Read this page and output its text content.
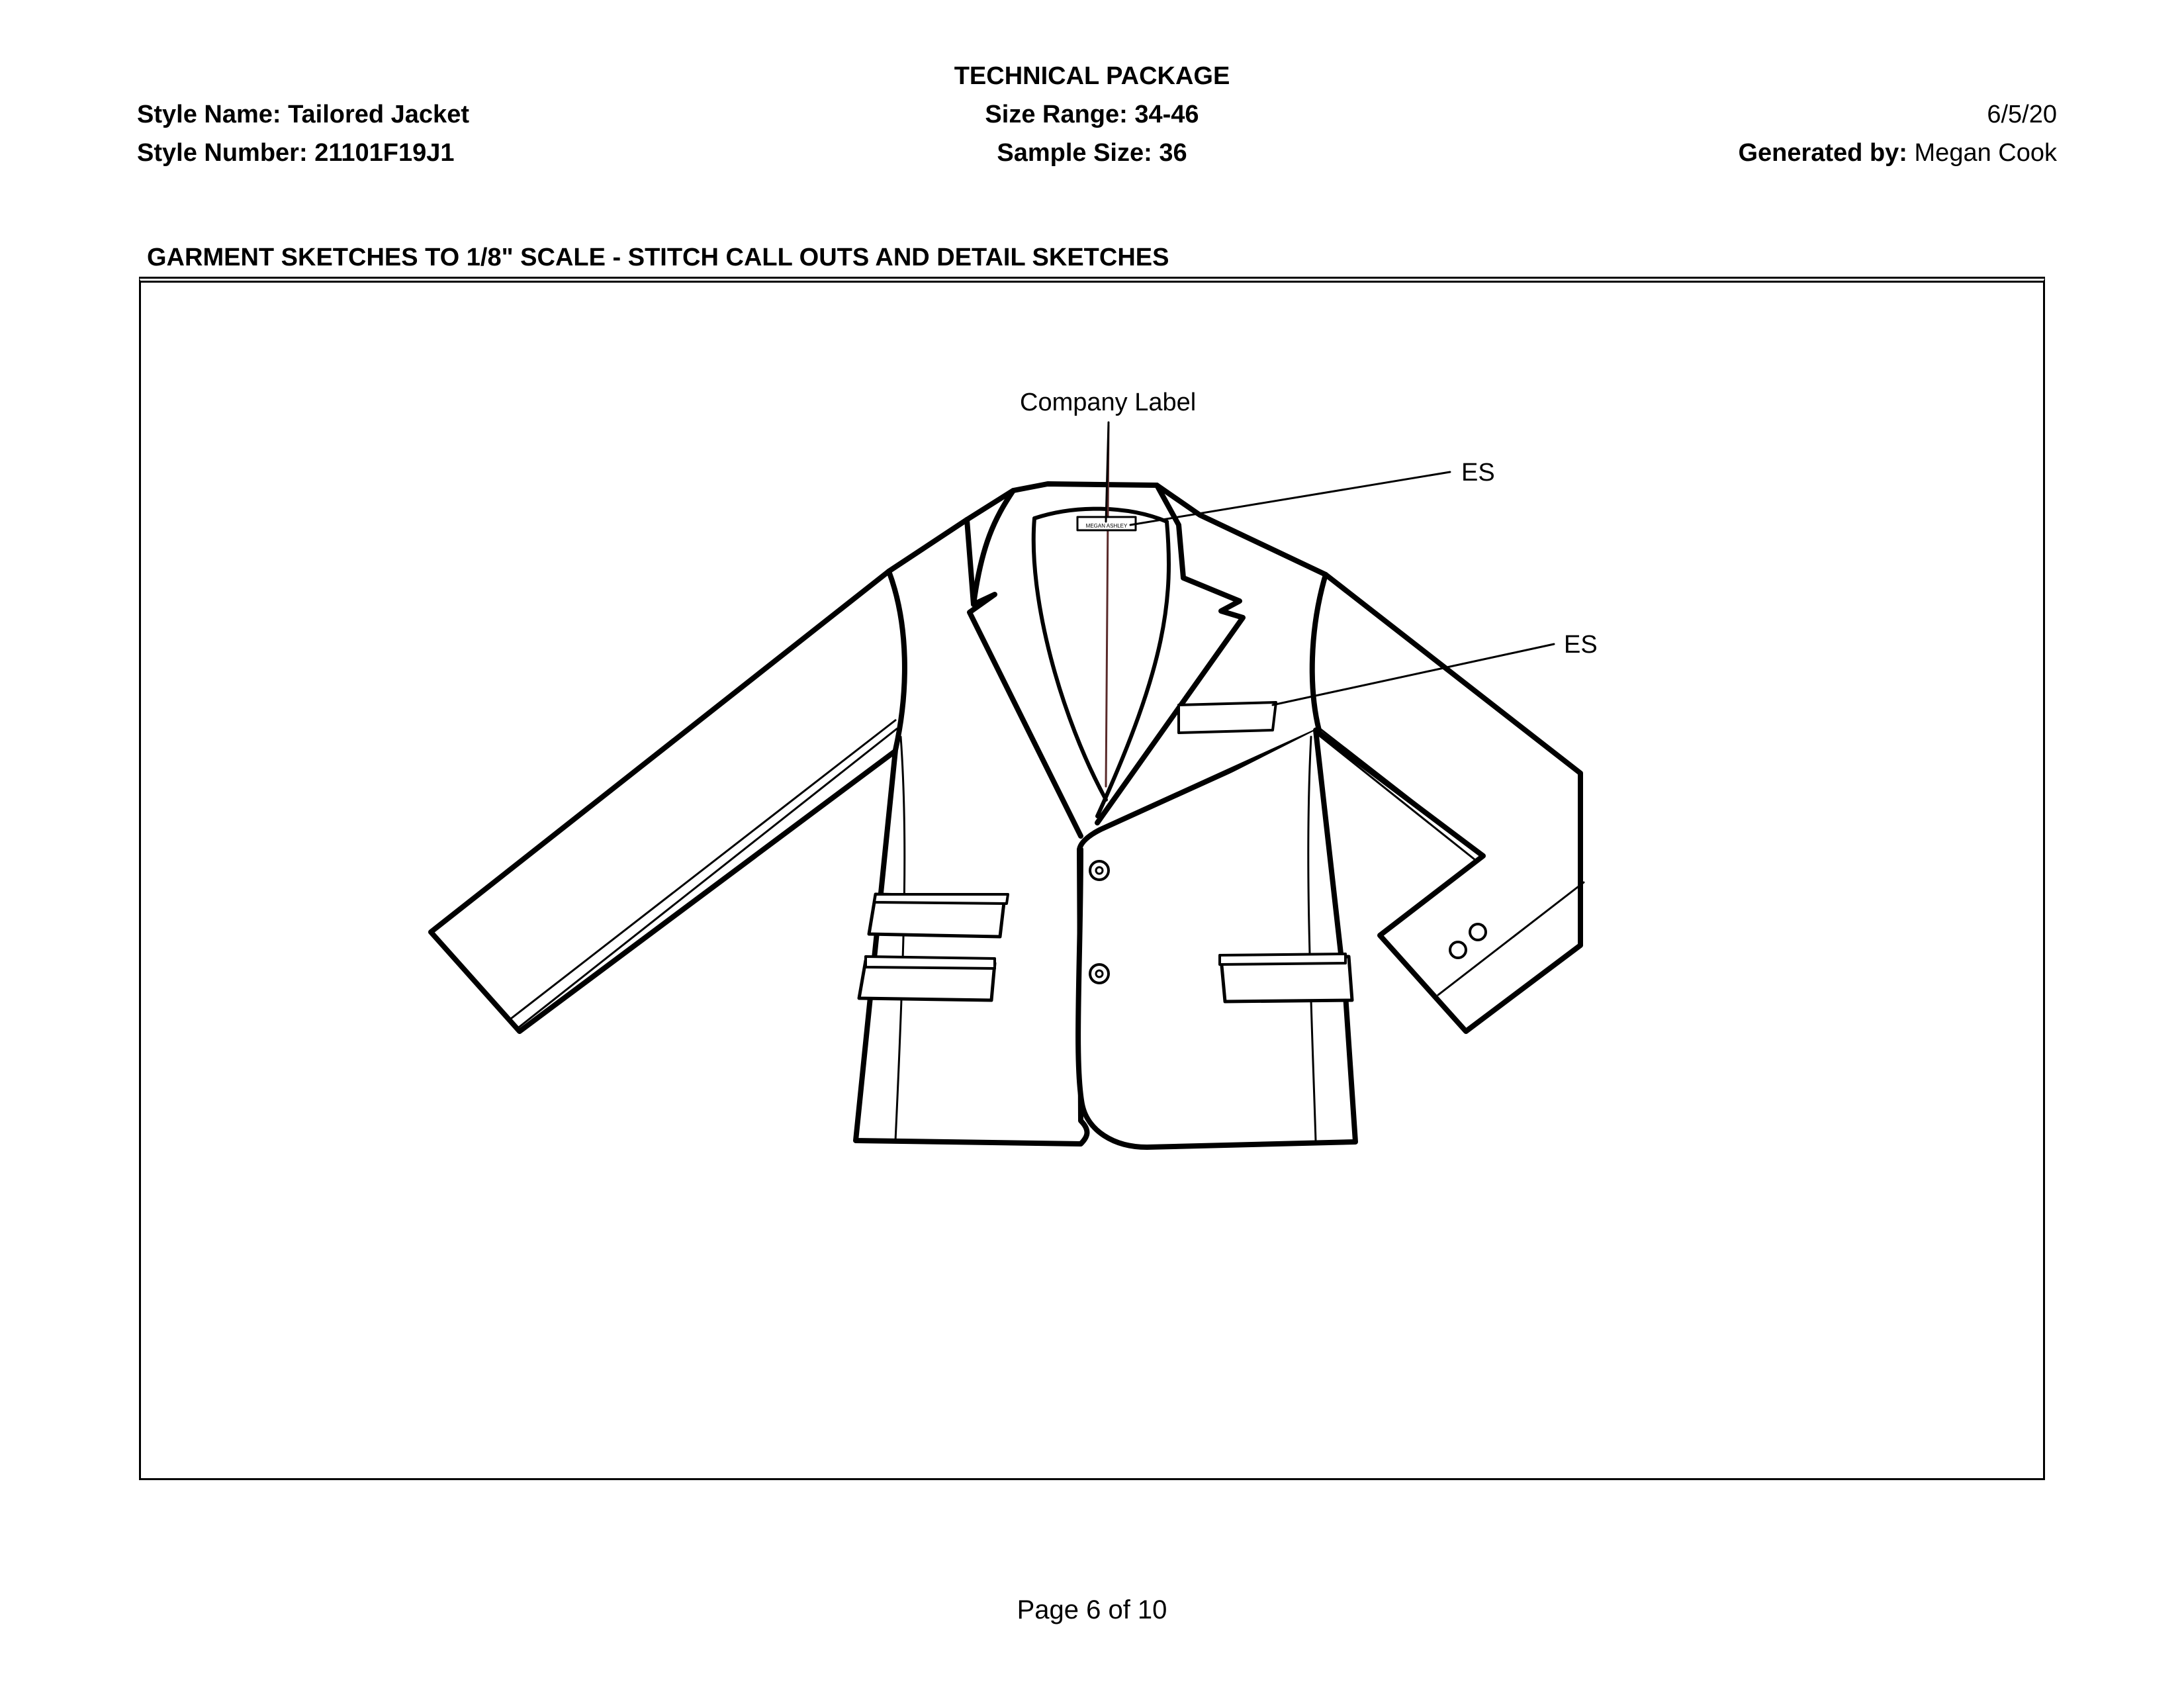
TECHNICAL PACKAGE
Style Name: Tailored Jacket
Style Number: 21101F19J1
Size Range: 34-46
Sample Size: 36
6/5/20
Generated by: Megan Cook
GARMENT SKETCHES TO 1/8" SCALE - STITCH CALL OUTS AND DETAIL SKETCHES
Company Label
ES
ES
MEGAN ASHLEY
Page 6 of 10
